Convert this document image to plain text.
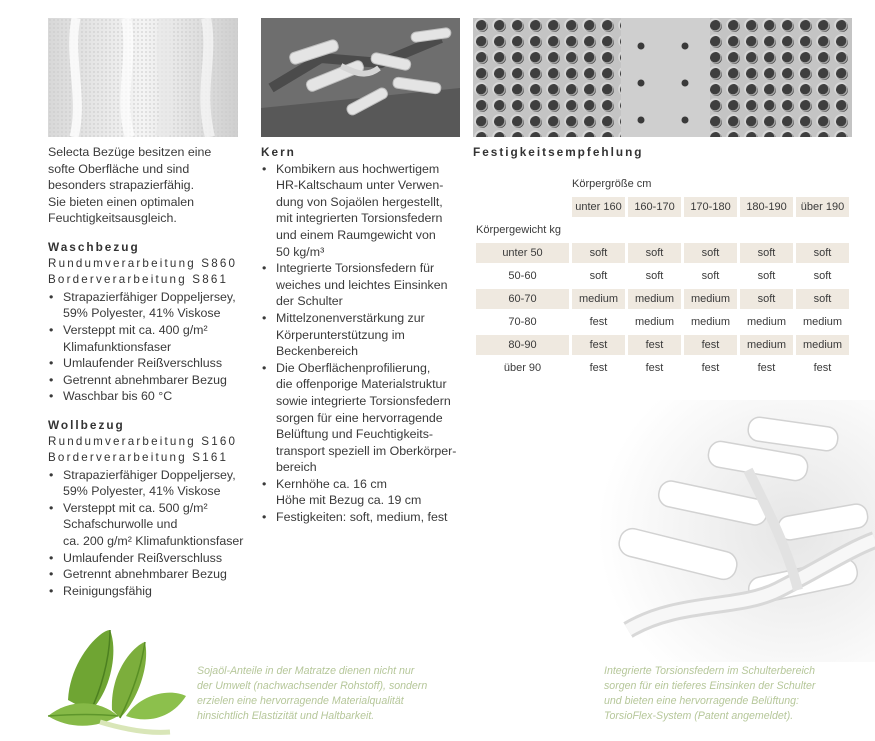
Selecta Bezüge besitzen eine

softe Oberfläche und sind

besonders strapazierfähig.

Sie bieten einen optimalen

Feuchtigkeitsausgleich.

Waschbezug

Rundumverarbeitung S860

Borderverarbeitung S861

• Strapazierfähiger Doppeljersey,
59% Polyester, 41% Viskose
• Versteppt mit ca. 400 g/m²
Klimafunktionsfaser
• Umlaufender Reißverschluss
• Getrennt abnehmbarer Bezug
• Waschbar bis 60 °C

Wollbezug

Rundumverarbeitung S160

Borderverarbeitung S161

• Strapazierfähiger Doppeljersey,
59% Polyester, 41% Viskose
• Versteppt mit ca. 500 g/m²
Schafschurwolle und
ca. 200 g/m² Klimafunktionsfaser
• Umlaufender Reißverschluss
• Getrennt abnehmbarer Bezug
• Reinigungsfähig

Kern

• Kombikern aus hochwertigem
HR-Kaltschaum unter Verwen-
dung von Sojaölen hergestellt,
mit integrierten Torsionsfedern
und einem Raumgewicht von
50 kg/m³
• Integrierte Torsionsfedern für
weiches und leichtes Einsinken
der Schulter
• Mittelzonenverstärkung zur
Körperunterstützung im
Beckenbereich
• Die Oberflächenprofilierung,
die offenporige Materialstruktur
sowie integrierte Torsionsfedern
sorgen für eine hervorragende
Belüftung und Feuchtigkeits-
transport speziell im Oberkörper-
bereich
• Kernhöhe ca. 16 cm
Höhe mit Bezug ca. 19 cm
• Festigkeiten: soft, medium, fest

Festigkeitsempfehlung

	Körpergröße cm				
	unter 160	160-170	170-180	180-190	über 190
Körpergewicht kg					
unter 50	soft	soft	soft	soft	soft
50-60	soft	soft	soft	soft	soft
60-70	medium	medium	medium	soft	soft
70-80	fest	medium	medium	medium	medium
80-90	fest	fest	fest	medium	medium
über 90	fest	fest	fest	fest	fest
Sojaöl-Anteile in der Matratze dienen nicht nur
der Umwelt (nachwachsender Rohstoff), sondern
erzielen eine hervorragende Materialqualität
hinsichtlich Elastizität und Haltbarkeit.
Integrierte Torsionsfedern im Schulterbereich
sorgen für ein tieferes Einsinken der Schulter
und bieten eine hervorragende Belüftung:
TorsioFlex-System (Patent angemeldet).
